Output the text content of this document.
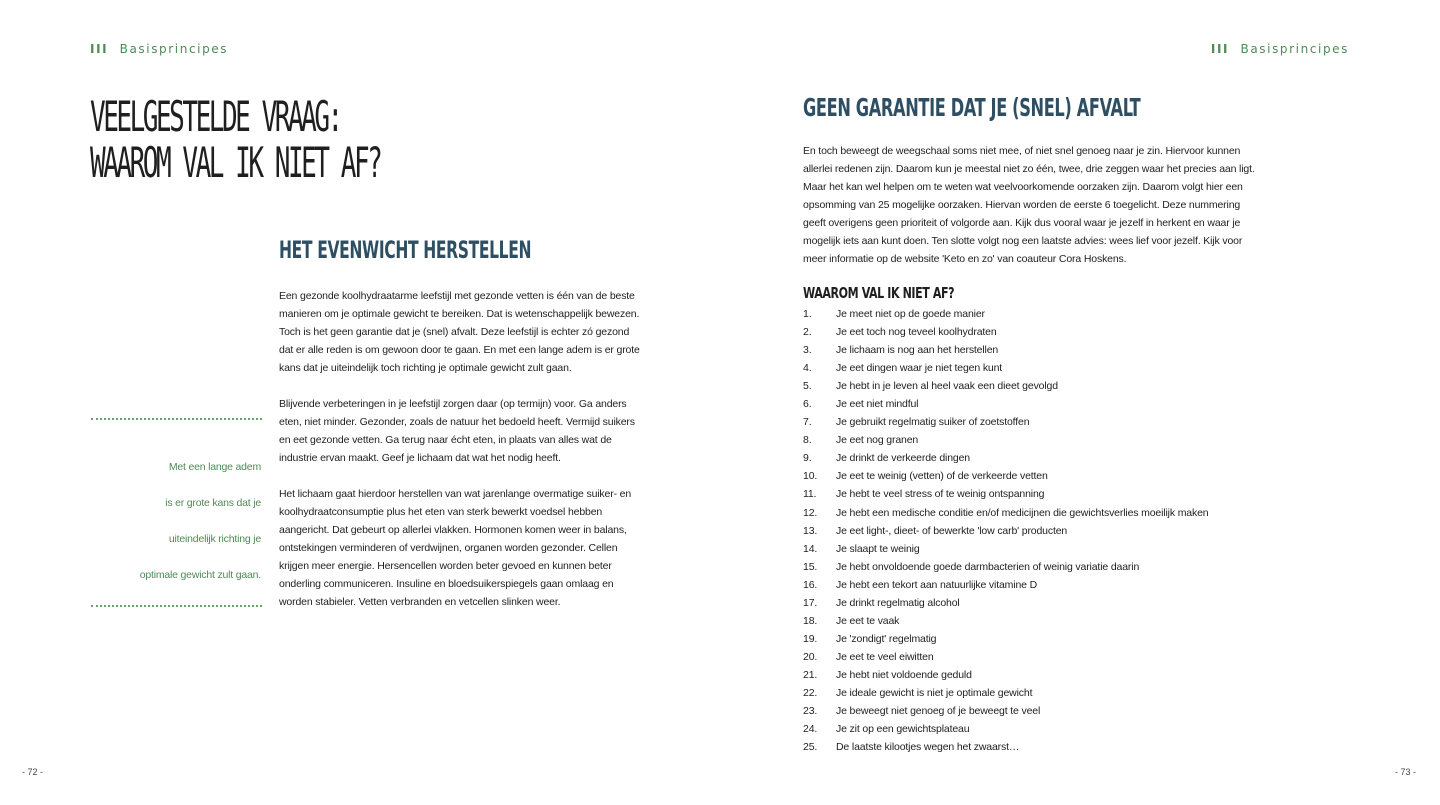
III Basisprincipes
VEELGESTELDE VRAAG:
WAAROM VAL IK NIET AF?
HET EVENWICHT HERSTELLEN

Een gezonde koolhydraatarme leefstijl met gezonde vetten is één van de beste manieren om je optimale gewicht te bereiken. Dat is wetenschappelijk bewezen. Toch is het geen garantie dat je (snel) afvalt. Deze leefstijl is echter zó gezond dat er alle reden is om gewoon door te gaan. En met een lange adem is er grote kans dat je uiteindelijk toch richting je optimale gewicht zult gaan.

Blijvende verbeteringen in je leefstijl zorgen daar (op termijn) voor. Ga anders eten, niet minder. Gezonder, zoals de natuur het bedoeld heeft. Vermijd suikers en eet gezonde vetten. Ga terug naar écht eten, in plaats van alles wat de industrie ervan maakt. Geef je lichaam dat wat het nodig heeft.

Het lichaam gaat hierdoor herstellen van wat jarenlange overmatige suiker- en koolhydraatconsumptie plus het eten van sterk bewerkt voedsel hebben aangericht. Dat gebeurt op allerlei vlakken. Hormonen komen weer in balans, ontstekingen verminderen of verdwijnen, organen worden gezonder. Cellen krijgen meer energie. Hersencellen worden beter gevoed en kunnen beter onderling communiceren. Insuline en bloedsuikerspiegels gaan omlaag en worden stabieler. Vetten verbranden en vetcellen slinken weer.

Met een lange adem
is er grote kans dat je
uiteindelijk richting je
optimale gewicht zult gaan.
- 72 -
III Basisprincipes
GEEN GARANTIE DAT JE (SNEL) AFVALT

En toch beweegt de weegschaal soms niet mee, of niet snel genoeg naar je zin. Hiervoor kunnen allerlei redenen zijn. Daarom kun je meestal niet zo één, twee, drie zeggen waar het precies aan ligt. Maar het kan wel helpen om te weten wat veelvoorkomende oorzaken zijn. Daarom volgt hier een opsomming van 25 mogelijke oorzaken. Hiervan worden de eerste 6 toegelicht. Deze nummering geeft overigens geen prioriteit of volgorde aan. Kijk dus vooral waar je jezelf in herkent en waar je mogelijk iets aan kunt doen. Ten slotte volgt nog een laatste advies: wees lief voor jezelf. Kijk voor meer informatie op de website 'Keto en zo' van coauteur Cora Hoskens.

WAAROM VAL IK NIET AF?
1. Je meet niet op de goede manier
2. Je eet toch nog teveel koolhydraten
3. Je lichaam is nog aan het herstellen
4. Je eet dingen waar je niet tegen kunt
5. Je hebt in je leven al heel vaak een dieet gevolgd
6. Je eet niet mindful
7. Je gebruikt regelmatig suiker of zoetstoffen
8. Je eet nog granen
9. Je drinkt de verkeerde dingen
10. Je eet te weinig (vetten) of de verkeerde vetten
11. Je hebt te veel stress of te weinig ontspanning
12. Je hebt een medische conditie en/of medicijnen die gewichtsverlies moeilijk maken
13. Je eet light-, dieet- of bewerkte 'low carb' producten
14. Je slaapt te weinig
15. Je hebt onvoldoende goede darmbacterien of weinig variatie daarin
16. Je hebt een tekort aan natuurlijke vitamine D
17. Je drinkt regelmatig alcohol
18. Je eet te vaak
19. Je 'zondigt' regelmatig
20. Je eet te veel eiwitten
21. Je hebt niet voldoende geduld
22. Je ideale gewicht is niet je optimale gewicht
23. Je beweegt niet genoeg of je beweegt te veel
24. Je zit op een gewichtsplateau
25. De laatste kilootjes wegen het zwaarst…
- 73 -
